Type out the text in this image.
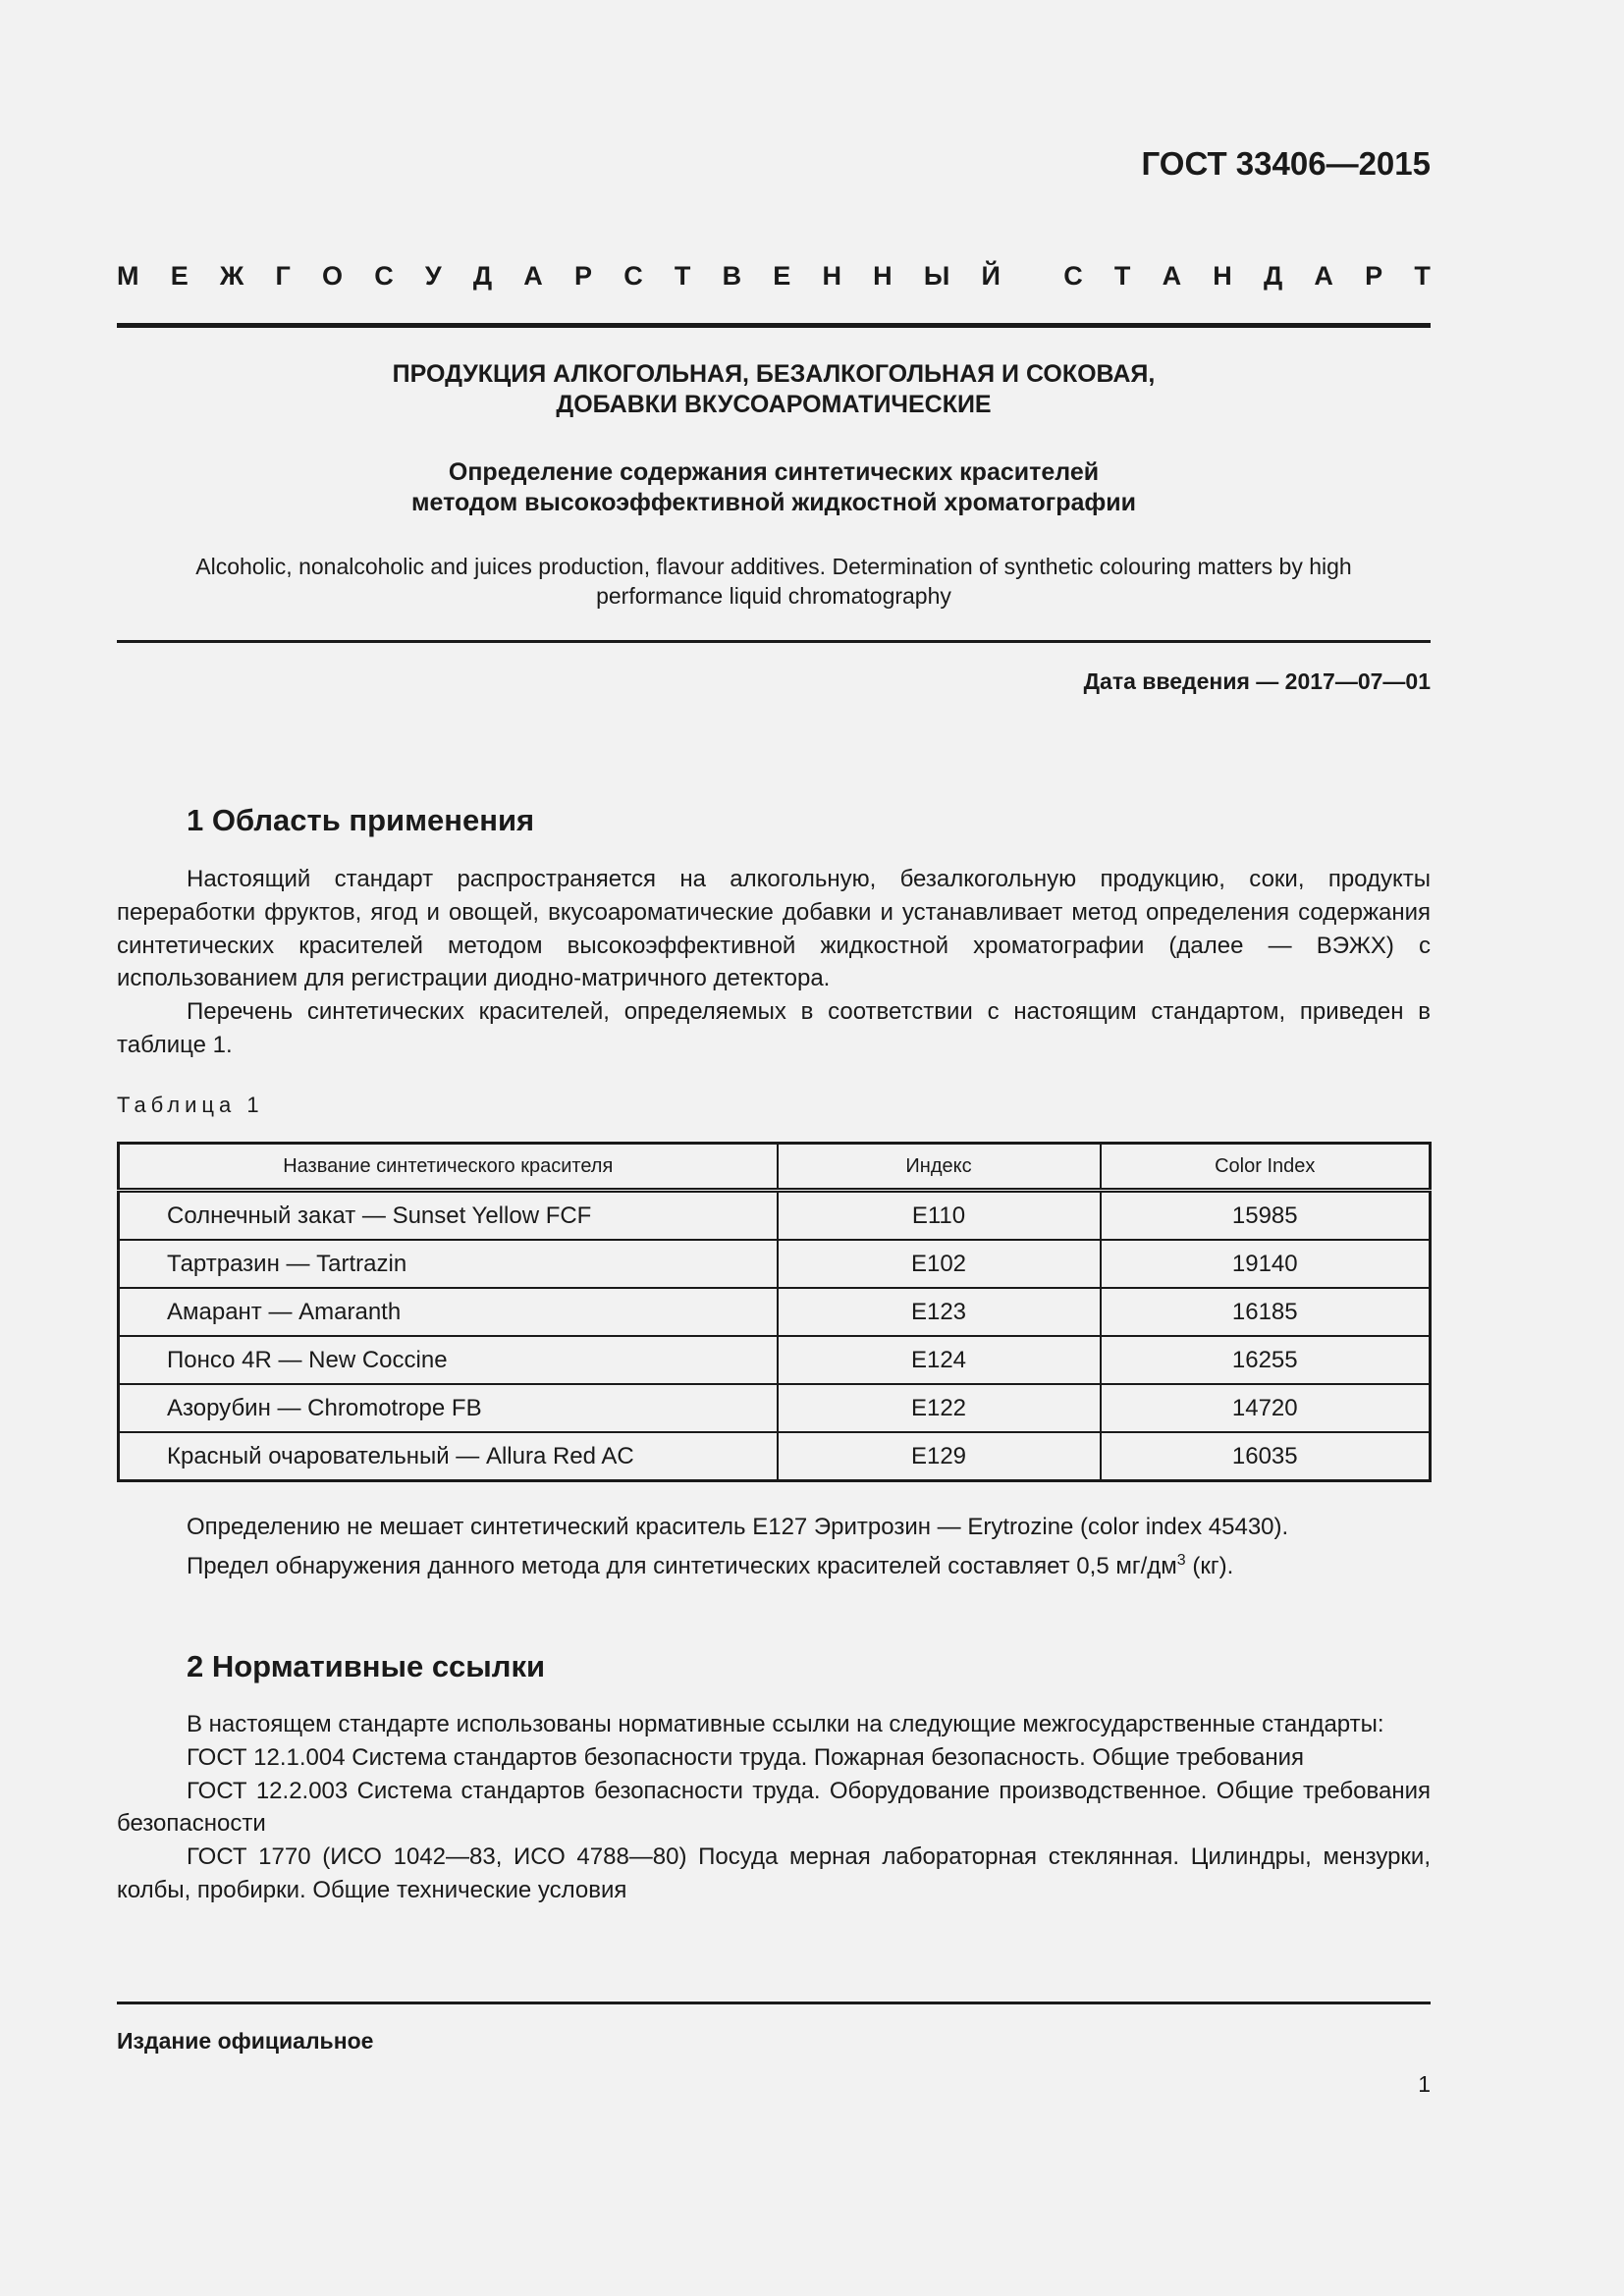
ГОСТ 33406—2015
М Е Ж Г О С У Д А Р С Т В Е Н Н Ы Й С Т А Н Д А Р Т
ПРОДУКЦИЯ АЛКОГОЛЬНАЯ, БЕЗАЛКОГОЛЬНАЯ И СОКОВАЯ,
ДОБАВКИ ВКУСОАРОМАТИЧЕСКИЕ
Определение содержания синтетических красителей
методом высокоэффективной жидкостной хроматографии
Alcoholic, nonalcoholic and juices production, flavour additives. Determination of synthetic colouring matters by high
performance liquid chromatography
Дата введения — 2017—07—01
1 Область применения

Настоящий стандарт распространяется на алкогольную, безалкогольную продукцию, соки, продукты переработки фруктов, ягод и овощей, вкусоароматические добавки и устанавливает метод определения содержания синтетических красителей методом высокоэффективной жидкостной хроматографии (далее — ВЭЖХ) с использованием для регистрации диодно-матричного детектора.

Перечень синтетических красителей, определяемых в соответствии с настоящим стандартом, приведен в таблице 1.

Таблица 1
Название синтетического красителя	Индекс	Color Index
Солнечный закат — Sunset Yellow FCF	E110	15985
Тартразин — Tartrazin	E102	19140
Амарант — Amaranth	E123	16185
Понсо 4R — New Coccine	E124	16255
Азорубин — Chromotrope FB	E122	14720
Красный очаровательный — Allura Red AC	E129	16035

Определению не мешает синтетический краситель E127 Эритрозин — Erytrozine (color index 45430).

Предел обнаружения данного метода для синтетических красителей составляет 0,5 $мг/дм^3$ (кг).

2 Нормативные ссылки

В настоящем стандарте использованы нормативные ссылки на следующие межгосударственные стандарты:

ГОСТ 12.1.004 Система стандартов безопасности труда. Пожарная безопасность. Общие требования

ГОСТ 12.2.003 Система стандартов безопасности труда. Оборудование производственное. Общие требования безопасности

ГОСТ 1770 (ИСО 1042—83, ИСО 4788—80) Посуда мерная лабораторная стеклянная. Цилиндры, мензурки, колбы, пробирки. Общие технические условия

Издание официальное
1
